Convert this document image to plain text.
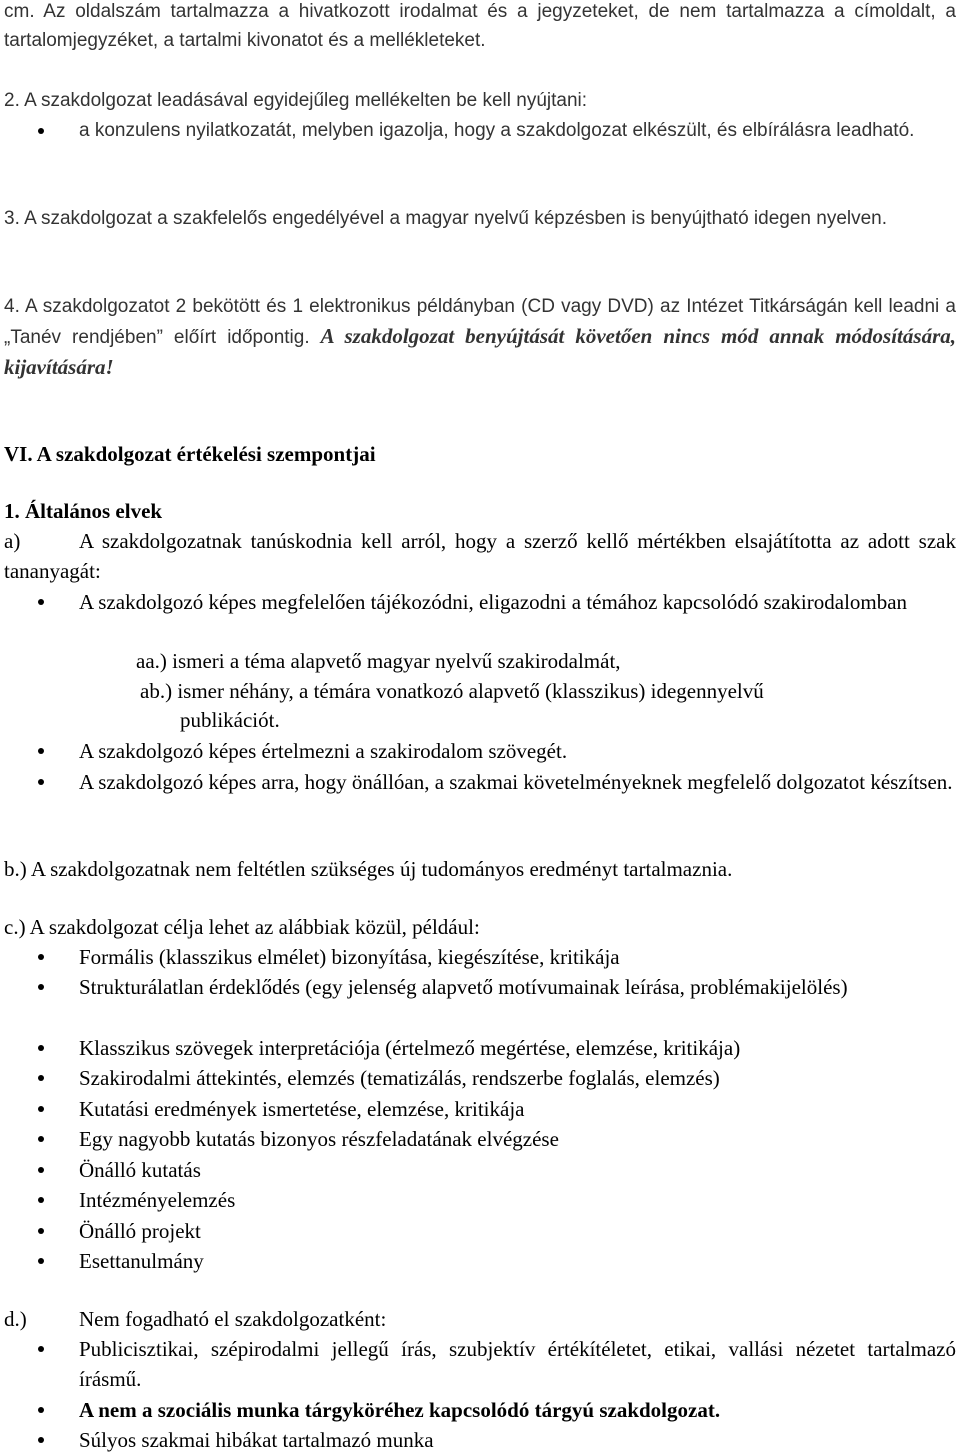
cm. Az oldalszám tartalmazza a hivatkozott irodalmat és a jegyzeteket, de nem tartalmazza a címoldalt, a tartalomjegyzéket, a tartalmi kivonatot és a mellékleteket.
2. A szakdolgozat leadásával egyidejűleg mellékelten be kell nyújtani:
a konzulens nyilatkozatát, melyben igazolja, hogy a szakdolgozat elkészült, és elbírálásra leadható.
3. A szakdolgozat a szakfelelős engedélyével a magyar nyelvű képzésben is benyújtható idegen nyelven.
4. A szakdolgozatot 2 bekötött és 1 elektronikus példányban (CD vagy DVD) az Intézet Titkárságán kell leadni a „Tanév rendjében” előírt időpontig. A szakdolgozat benyújtását követően nincs mód annak módosítására, kijavítására!
VI. A szakdolgozat értékelési szempontjai
1. Általános elvek
a)	A szakdolgozatnak tanúskodnia kell arról, hogy a szerző kellő mértékben elsajátította az adott szak tananyagát:
A szakdolgozó képes megfelelően tájékozódni, eligazodni a témához kapcsolódó szakirodalomban
aa.) ismeri a téma alapvető magyar nyelvű szakirodalmát,
ab.) ismer néhány, a témára vonatkozó alapvető (klasszikus) idegennyelvű
publikációt.
A szakdolgozó képes értelmezni a szakirodalom szövegét.
A szakdolgozó képes arra, hogy önállóan, a szakmai követelményeknek megfelelő dolgozatot készítsen.
b.) A szakdolgozatnak nem feltétlen szükséges új tudományos eredményt tartalmaznia.
c.) A szakdolgozat célja lehet az alábbiak közül, például:
Formális (klasszikus elmélet) bizonyítása, kiegészítése, kritikája
Strukturálatlan érdeklődés (egy jelenség alapvető motívumainak leírása, problémakijelölés)
Klasszikus szövegek interpretációja (értelmező megértése, elemzése, kritikája)
Szakirodalmi áttekintés, elemzés (tematizálás, rendszerbe foglalás, elemzés)
Kutatási eredmények ismertetése, elemzése, kritikája
Egy nagyobb kutatás bizonyos részfeladatának elvégzése
Önálló kutatás
Intézményelemzés
Önálló projekt
Esettanulmány
d.) Nem fogadható el szakdolgozatként:
Publicisztikai, szépirodalmi jellegű írás, szubjektív értékítéletet, etikai, vallási nézetet tartalmazó írásmű.
A nem a szociális munka tárgyköréhez kapcsolódó tárgyú szakdolgozat.
Súlyos szakmai hibákat tartalmazó munka
